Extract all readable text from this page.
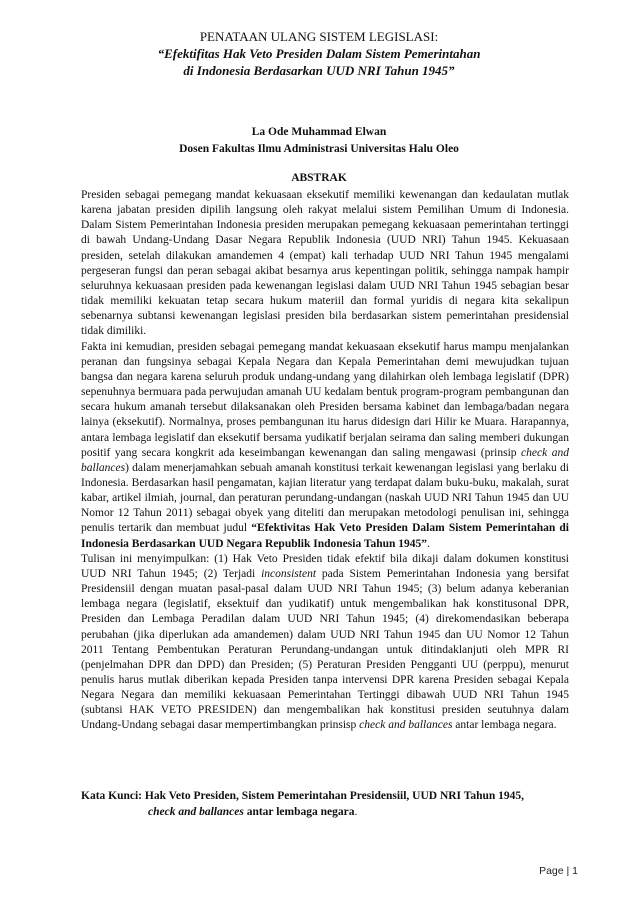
PENATAAN ULANG SISTEM LEGISLASI:
“Efektifitas Hak Veto Presiden Dalam Sistem Pemerintahan
di Indonesia Berdasarkan UUD NRI Tahun 1945”
La Ode Muhammad Elwan
Dosen Fakultas Ilmu Administrasi Universitas Halu Oleo
ABSTRAK

Presiden sebagai pemegang mandat kekuasaan eksekutif memiliki kewenangan dan kedaulatan mutlak karena jabatan presiden dipilih langsung oleh rakyat melalui sistem Pemilihan Umum di Indonesia. Dalam Sistem Pemerintahan Indonesia presiden merupakan pemegang kekuasaan pemerintahan tertinggi di bawah Undang-Undang Dasar Negara Republik Indonesia (UUD NRI) Tahun 1945. Kekuasaan presiden, setelah dilakukan amandemen 4 (empat) kali terhadap UUD NRI Tahun 1945 mengalami pergeseran fungsi dan peran sebagai akibat besarnya arus kepentingan politik, sehingga nampak hampir seluruhnya kekuasaan presiden pada kewenangan legislasi dalam UUD NRI Tahun 1945 sebagian besar tidak memiliki kekuatan tetap secara hukum materiil dan formal yuridis di negara kita sekalipun sebenarnya subtansi kewenangan legislasi presiden bila berdasarkan sistem pemerintahan presidensial tidak dimiliki.

Fakta ini kemudian, presiden sebagai pemegang mandat kekuasaan eksekutif harus mampu menjalankan peranan dan fungsinya sebagai Kepala Negara dan Kepala Pemerintahan demi mewujudkan tujuan bangsa dan negara karena seluruh produk undang-undang yang dilahirkan oleh lembaga legislatif (DPR) sepenuhnya bermuara pada perwujudan amanah UU kedalam bentuk program-program pembangunan dan secara hukum amanah tersebut dilaksanakan oleh Presiden bersama kabinet dan lembaga/badan negara lainya (eksekutif). Normalnya, proses pembangunan itu harus didesign dari Hilir ke Muara. Harapannya, antara lembaga legislatif dan eksekutif bersama yudikatif berjalan seirama dan saling memberi dukungan positif yang secara kongkrit ada keseimbangan kewenangan dan saling mengawasi (prinsip check and ballances) dalam menerjamahkan sebuah amanah konstitusi terkait kewenangan legislasi yang berlaku di Indonesia. Berdasarkan hasil pengamatan, kajian literatur yang terdapat dalam buku-buku, makalah, surat kabar, artikel ilmiah, journal, dan peraturan perundang-undangan (naskah UUD NRI Tahun 1945 dan UU Nomor 12 Tahun 2011) sebagai obyek yang diteliti dan merupakan metodologi penulisan ini, sehingga penulis tertarik dan membuat judul “Efektivitas Hak Veto Presiden Dalam Sistem Pemerintahan di Indonesia Berdasarkan UUD Negara Republik Indonesia Tahun 1945”.

Tulisan ini menyimpulkan: (1) Hak Veto Presiden tidak efektif bila dikaji dalam dokumen konstitusi UUD NRI Tahun 1945; (2) Terjadi inconsistent pada Sistem Pemerintahan Indonesia yang bersifat Presidensiil dengan muatan pasal-pasal dalam UUD NRI Tahun 1945; (3) belum adanya keberanian lembaga negara (legislatif, eksektuif dan yudikatif) untuk mengembalikan hak konstitusonal DPR, Presiden dan Lembaga Peradilan dalam UUD NRI Tahun 1945; (4) direkomendasikan beberapa perubahan (jika diperlukan ada amandemen) dalam UUD NRI Tahun 1945 dan UU Nomor 12 Tahun 2011 Tentang Pembentukan Peraturan Perundang-undangan untuk ditindaklanjuti oleh MPR RI (penjelmahan DPR dan DPD) dan Presiden; (5) Peraturan Presiden Pengganti UU (perppu), menurut penulis harus mutlak diberikan kepada Presiden tanpa intervensi DPR karena Presiden sebagai Kepala Negara Negara dan memiliki kekuasaan Pemerintahan Tertinggi dibawah UUD NRI Tahun 1945 (subtansi HAK VETO PRESIDEN) dan mengembalikan hak konstitusi presiden seutuhnya dalam Undang-Undang sebagai dasar mempertimbangkan prinsisp check and ballances antar lembaga negara.

Kata Kunci: Hak Veto Presiden, Sistem Pemerintahan Presidensiil, UUD NRI Tahun 1945,
check and ballances antar lembaga negara.
Page | 1
